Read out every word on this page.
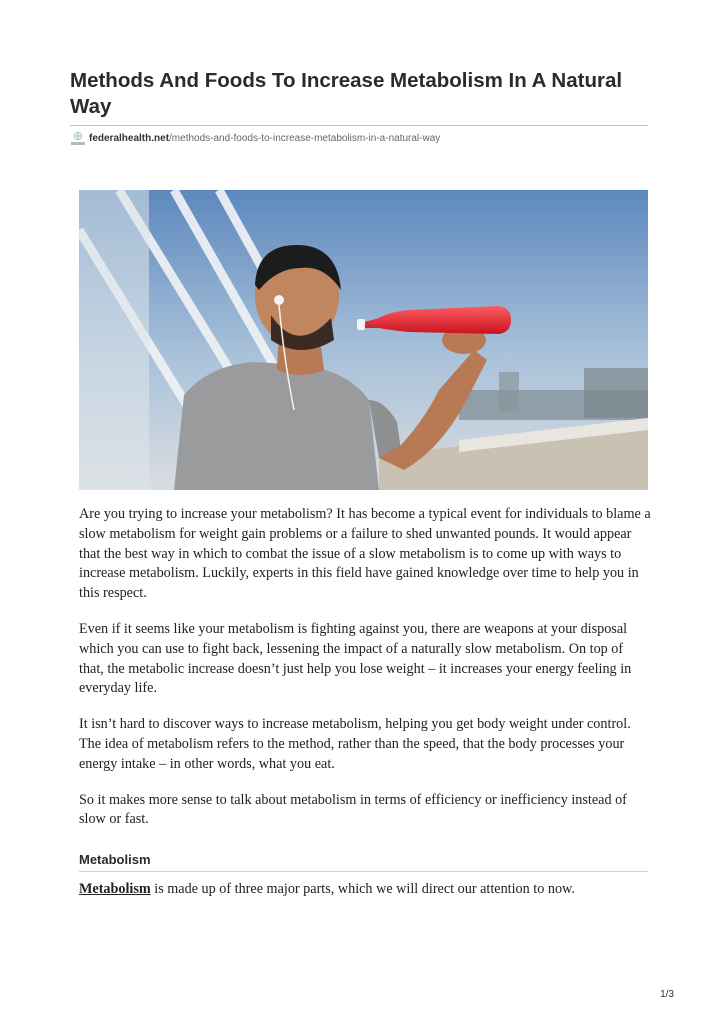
Methods And Foods To Increase Metabolism In A Natural Way
federalhealth.net /methods-and-foods-to-increase-metabolism-in-a-natural-way

Are you trying to increase your metabolism? It has become a typical event for individuals to blame a slow metabolism for weight gain problems or a failure to shed unwanted pounds. It would appear that the best way in which to combat the issue of a slow metabolism is to come up with ways to increase metabolism. Luckily, experts in this field have gained knowledge over time to help you in this respect.

Even if it seems like your metabolism is fighting against you, there are weapons at your disposal which you can use to fight back, lessening the impact of a naturally slow metabolism. On top of that, the metabolic increase doesn’t just help you lose weight – it increases your energy feeling in everyday life.

It isn’t hard to discover ways to increase metabolism, helping you get body weight under control. The idea of metabolism refers to the method, rather than the speed, that the body processes your energy intake – in other words, what you eat.

So it makes more sense to talk about metabolism in terms of efficiency or inefficiency instead of slow or fast.

Metabolism

Metabolism is made up of three major parts, which we will direct our attention to now.

1/3
